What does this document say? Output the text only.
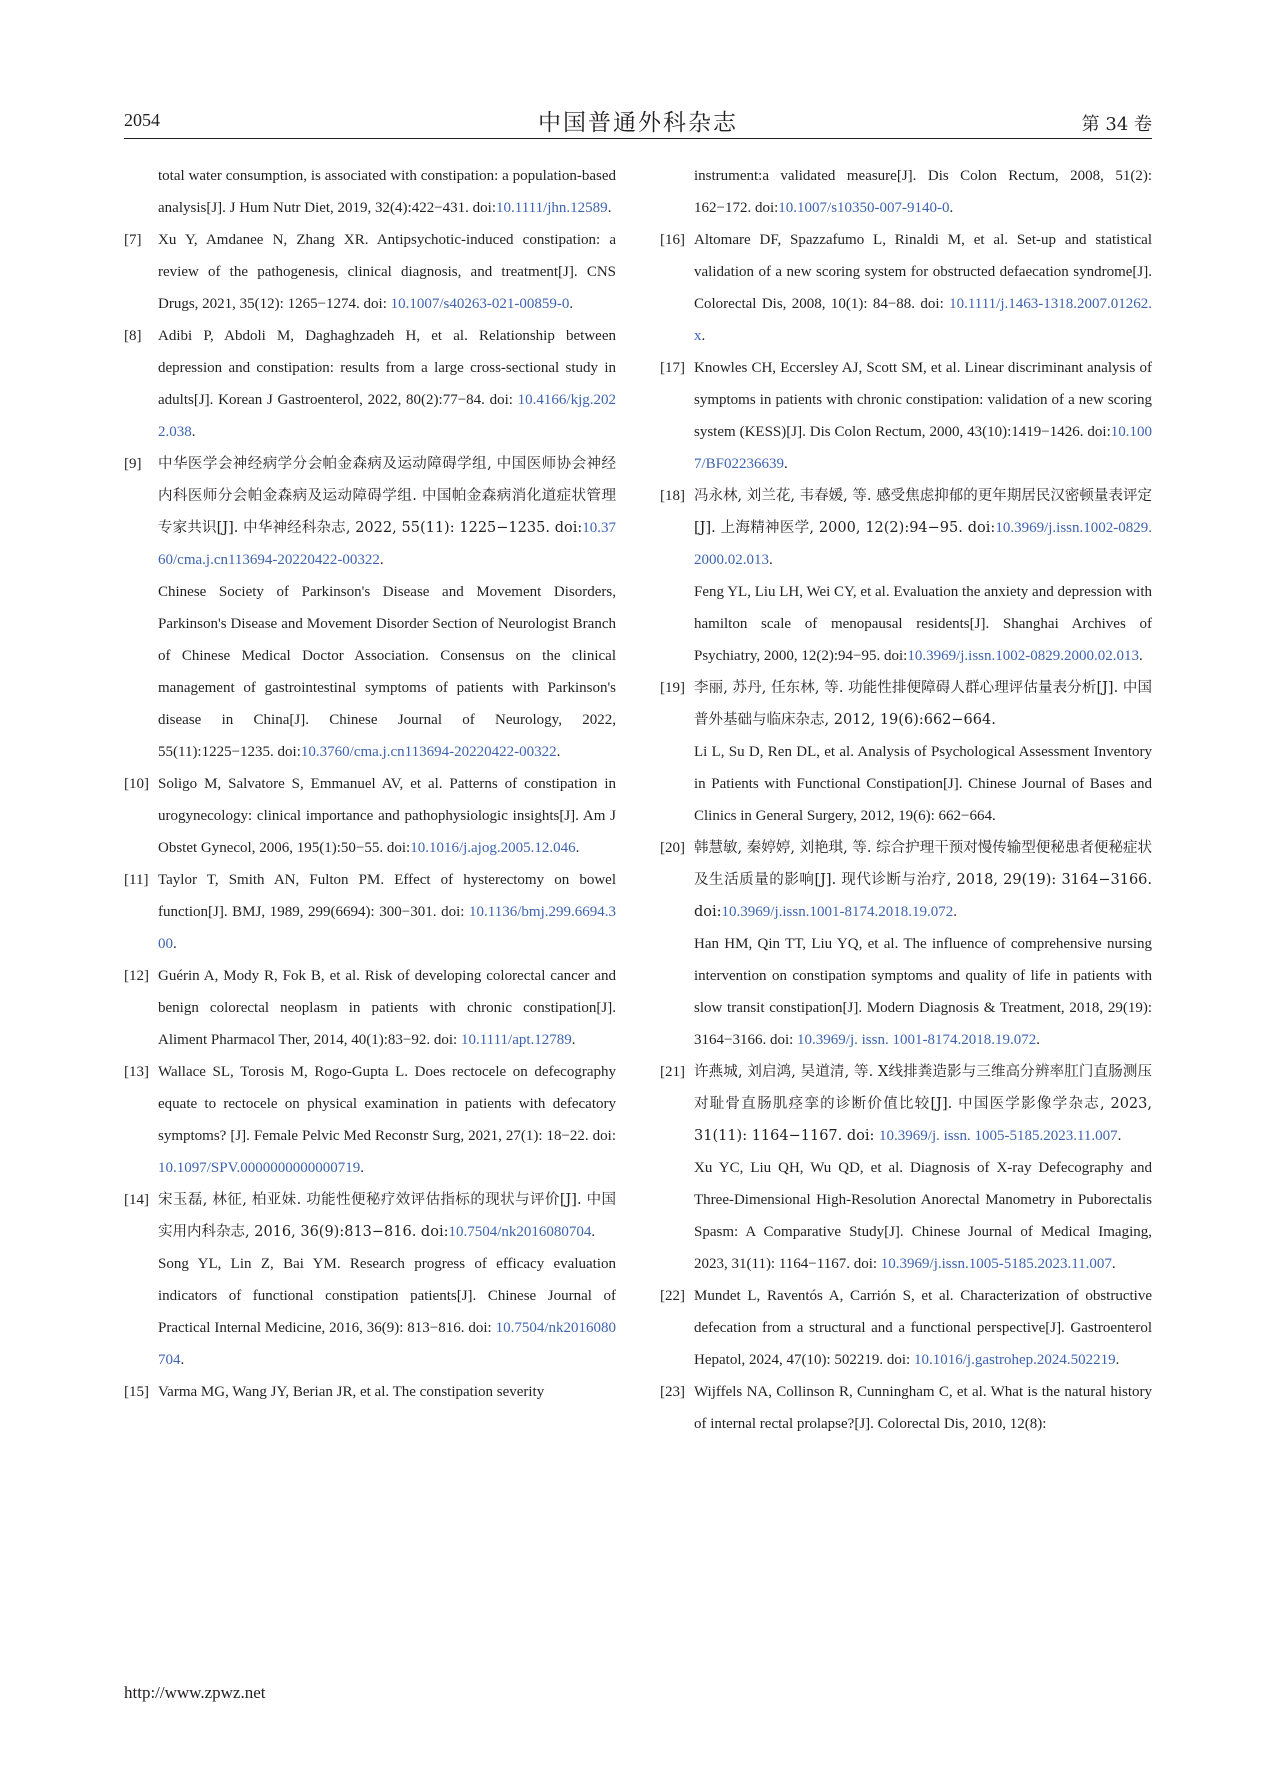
2054	中国普通外科杂志	第 34 卷

total water consumption, is associated with constipation: a population-based analysis[J]. J Hum Nutr Diet, 2019, 32(4):422−431. doi:10.1111/jhn.12589.

[7] Xu Y, Amdanee N, Zhang XR. Antipsychotic-induced constipation: a review of the pathogenesis, clinical diagnosis, and treatment[J]. CNS Drugs, 2021, 35(12): 1265−1274. doi: 10.1007/s40263-021-00859-0.

[8] Adibi P, Abdoli M, Daghaghzadeh H, et al. Relationship between depression and constipation: results from a large cross-sectional study in adults[J]. Korean J Gastroenterol, 2022, 80(2):77−84. doi: 10.4166/kjg.2022.038.

[9] 中华医学会神经病学分会帕金森病及运动障碍学组, 中国医师协会神经内科医师分会帕金森病及运动障碍学组. 中国帕金森病消化道症状管理专家共识[J]. 中华神经科杂志, 2022, 55(11): 1225−1235. doi:10.3760/cma.j.cn113694-20220422-00322.

Chinese Society of Parkinson's Disease and Movement Disorders, Parkinson's Disease and Movement Disorder Section of Neurologist Branch of Chinese Medical Doctor Association. Consensus on the clinical management of gastrointestinal symptoms of patients with Parkinson's disease in China[J]. Chinese Journal of Neurology, 2022, 55(11):1225−1235. doi:10.3760/cma.j.cn113694-20220422-00322.

[10] Soligo M, Salvatore S, Emmanuel AV, et al. Patterns of constipation in urogynecology: clinical importance and pathophysiologic insights[J]. Am J Obstet Gynecol, 2006, 195(1):50−55. doi:10.1016/j.ajog.2005.12.046.

[11] Taylor T, Smith AN, Fulton PM. Effect of hysterectomy on bowel function[J]. BMJ, 1989, 299(6694): 300−301. doi: 10.1136/bmj.299.6694.300.

[12] Guérin A, Mody R, Fok B, et al. Risk of developing colorectal cancer and benign colorectal neoplasm in patients with chronic constipation[J]. Aliment Pharmacol Ther, 2014, 40(1):83−92. doi: 10.1111/apt.12789.

[13] Wallace SL, Torosis M, Rogo-Gupta L. Does rectocele on defecography equate to rectocele on physical examination in patients with defecatory symptoms? [J]. Female Pelvic Med Reconstr Surg, 2021, 27(1): 18−22. doi: 10.1097/SPV.0000000000000719.

[14] 宋玉磊, 林征, 柏亚妹. 功能性便秘疗效评估指标的现状与评价[J]. 中国实用内科杂志, 2016, 36(9):813−816. doi:10.7504/nk2016080704.

Song YL, Lin Z, Bai YM. Research progress of efficacy evaluation indicators of functional constipation patients[J]. Chinese Journal of Practical Internal Medicine, 2016, 36(9): 813−816. doi: 10.7504/nk2016080704.

[15] Varma MG, Wang JY, Berian JR, et al. The constipation severity

instrument:a validated measure[J]. Dis Colon Rectum, 2008, 51(2): 162−172. doi:10.1007/s10350-007-9140-0.

[16] Altomare DF, Spazzafumo L, Rinaldi M, et al. Set-up and statistical validation of a new scoring system for obstructed defaecation syndrome[J]. Colorectal Dis, 2008, 10(1): 84−88. doi: 10.1111/j.1463-1318.2007.01262.x.

[17] Knowles CH, Eccersley AJ, Scott SM, et al. Linear discriminant analysis of symptoms in patients with chronic constipation: validation of a new scoring system (KESS)[J]. Dis Colon Rectum, 2000, 43(10):1419−1426. doi:10.1007/BF02236639.

[18] 冯永林, 刘兰花, 韦春媛, 等. 感受焦虑抑郁的更年期居民汉密顿量表评定[J]. 上海精神医学, 2000, 12(2):94−95. doi:10.3969/j.issn.1002-0829.2000.02.013.

Feng YL, Liu LH, Wei CY, et al. Evaluation the anxiety and depression with hamilton scale of menopausal residents[J]. Shanghai Archives of Psychiatry, 2000, 12(2):94−95. doi:10.3969/j.issn.1002-0829.2000.02.013.

[19] 李丽, 苏丹, 任东林, 等. 功能性排便障碍人群心理评估量表分析[J]. 中国普外基础与临床杂志, 2012, 19(6):662−664.

Li L, Su D, Ren DL, et al. Analysis of Psychological Assessment Inventory in Patients with Functional Constipation[J]. Chinese Journal of Bases and Clinics in General Surgery, 2012, 19(6): 662−664.

[20] 韩慧敏, 秦婷婷, 刘艳琪, 等. 综合护理干预对慢传输型便秘患者便秘症状及生活质量的影响[J]. 现代诊断与治疗, 2018, 29(19): 3164−3166. doi:10.3969/j.issn.1001-8174.2018.19.072.

Han HM, Qin TT, Liu YQ, et al. The influence of comprehensive nursing intervention on constipation symptoms and quality of life in patients with slow transit constipation[J]. Modern Diagnosis & Treatment, 2018, 29(19): 3164−3166. doi: 10.3969/j. issn. 1001-8174.2018.19.072.

[21] 许燕城, 刘启鸿, 吴道清, 等. X线排粪造影与三维高分辨率肛门直肠测压对耻骨直肠肌痉挛的诊断价值比较[J]. 中国医学影像学杂志, 2023, 31(11): 1164−1167. doi: 10.3969/j. issn. 1005-5185.2023.11.007.

Xu YC, Liu QH, Wu QD, et al. Diagnosis of X-ray Defecography and Three-Dimensional High-Resolution Anorectal Manometry in Puborectalis Spasm: A Comparative Study[J]. Chinese Journal of Medical Imaging, 2023, 31(11): 1164−1167. doi: 10.3969/j.issn.1005-5185.2023.11.007.

[22] Mundet L, Raventós A, Carrión S, et al. Characterization of obstructive defecation from a structural and a functional perspective[J]. Gastroenterol Hepatol, 2024, 47(10): 502219. doi: 10.1016/j.gastrohep.2024.502219.

[23] Wijffels NA, Collinson R, Cunningham C, et al. What is the natural history of internal rectal prolapse?[J]. Colorectal Dis, 2010, 12(8):

http://www.zpwz.net
